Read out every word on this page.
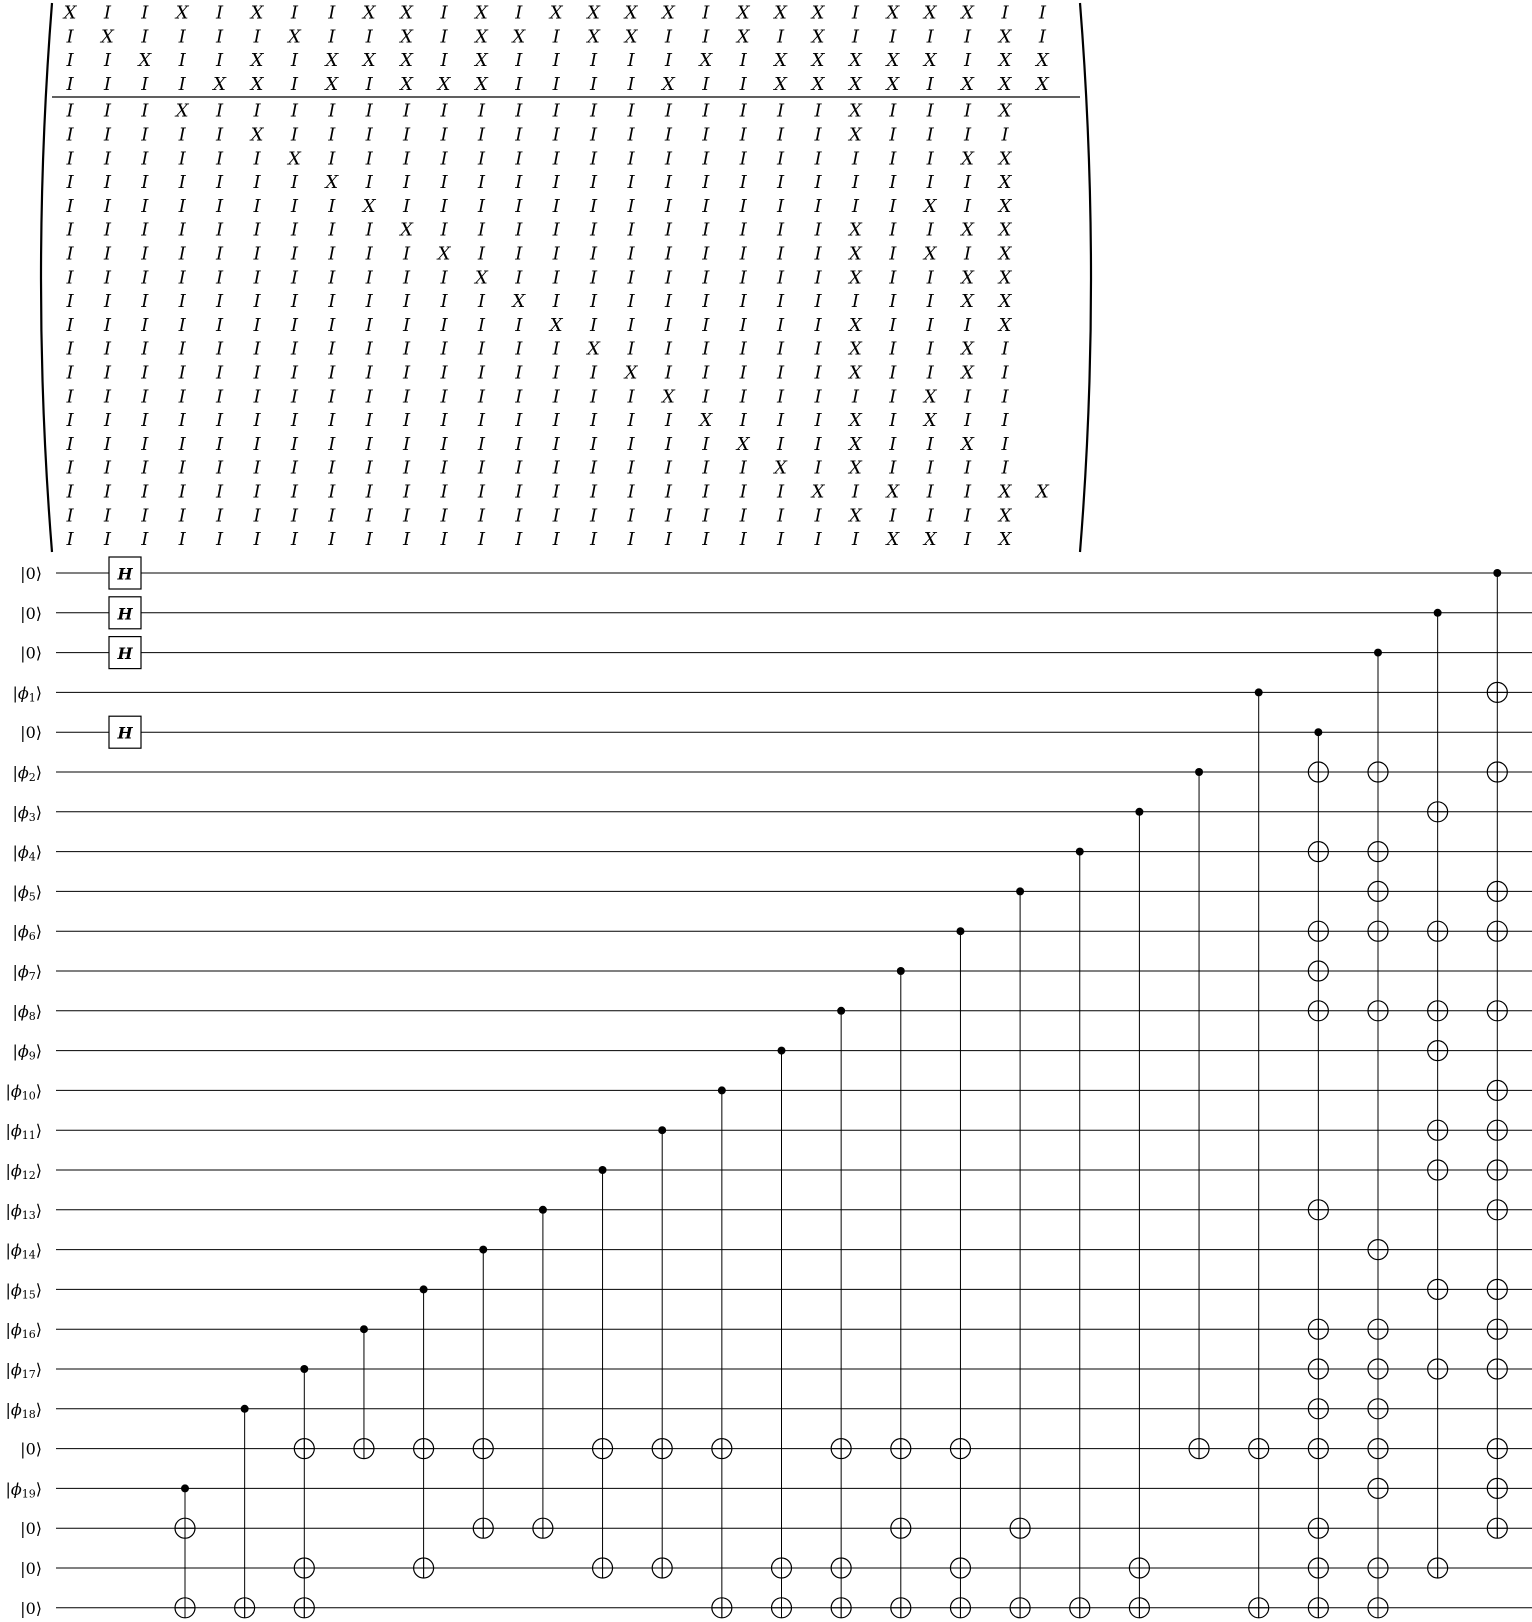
X I I X I X I I X X I X I X X X X I X X X I X X X I I
I X I I I I X I I X I X X I X X I I X I X I I I I X I
I I X I I X I X X X I X I I I I I X I X X X X X I X X
I I I I X X I X I X X X I I I I X I I X X X X I X X X
I I I X I I I I I I I I I I I I I I I I I X I I I X
I I I I I X I I I I I I I I I I I I I I I X I I I I
I I I I I I X I I I I I I I I I I I I I I I I I X X
I I I I I I I X I I I I I I I I I I I I I I I I I X
I I I I I I I I X I I I I I I I I I I I I I I X I X
I I I I I I I I I X I I I I I I I I I I I X I I X X
I I I I I I I I I I X I I I I I I I I I I X I X I X
I I I I I I I I I I I X I I I I I I I I I X I I X X
I I I I I I I I I I I I X I I I I I I I I I I I X X
I I I I I I I I I I I I I X I I I I I I I X I I I X
I I I I I I I I I I I I I I X I I I I I I X I I X I
I I I I I I I I I I I I I I I X I I I I I X I I X I
I I I I I I I I I I I I I I I I X I I I I I I X I I
I I I I I I I I I I I I I I I I I X I I I X I X I I
I I I I I I I I I I I I I I I I I I X I I X I I X I
I I I I I I I I I I I I I I I I I I I X I X I I I I
I I I I I I I I I I I I I I I I I I I I X I X I I X X
I I I I I I I I I I I I I I I I I I I I I X I I I X
I I I I I I I I I I I I I I I I I I I I I I X X I X
H
H
H
H
|0⟩
|0⟩
|0⟩
$|\phi_1⟩$
|0⟩
$|\phi_2⟩$
$|\phi_3⟩$
$|\phi_4⟩$
$|\phi_5⟩$
$|\phi_6⟩$
$|\phi_7⟩$
$|\phi_8⟩$
$|\phi_9⟩$
$|\phi_{10}⟩$
$|\phi_{11}⟩$
$|\phi_{12}⟩$
$|\phi_{13}⟩$
$|\phi_{14}⟩$
$|\phi_{15}⟩$
$|\phi_{16}⟩$
$|\phi_{17}⟩$
$|\phi_{18}⟩$
|0⟩
$|\phi_{19}⟩$
|0⟩
|0⟩
|0⟩
